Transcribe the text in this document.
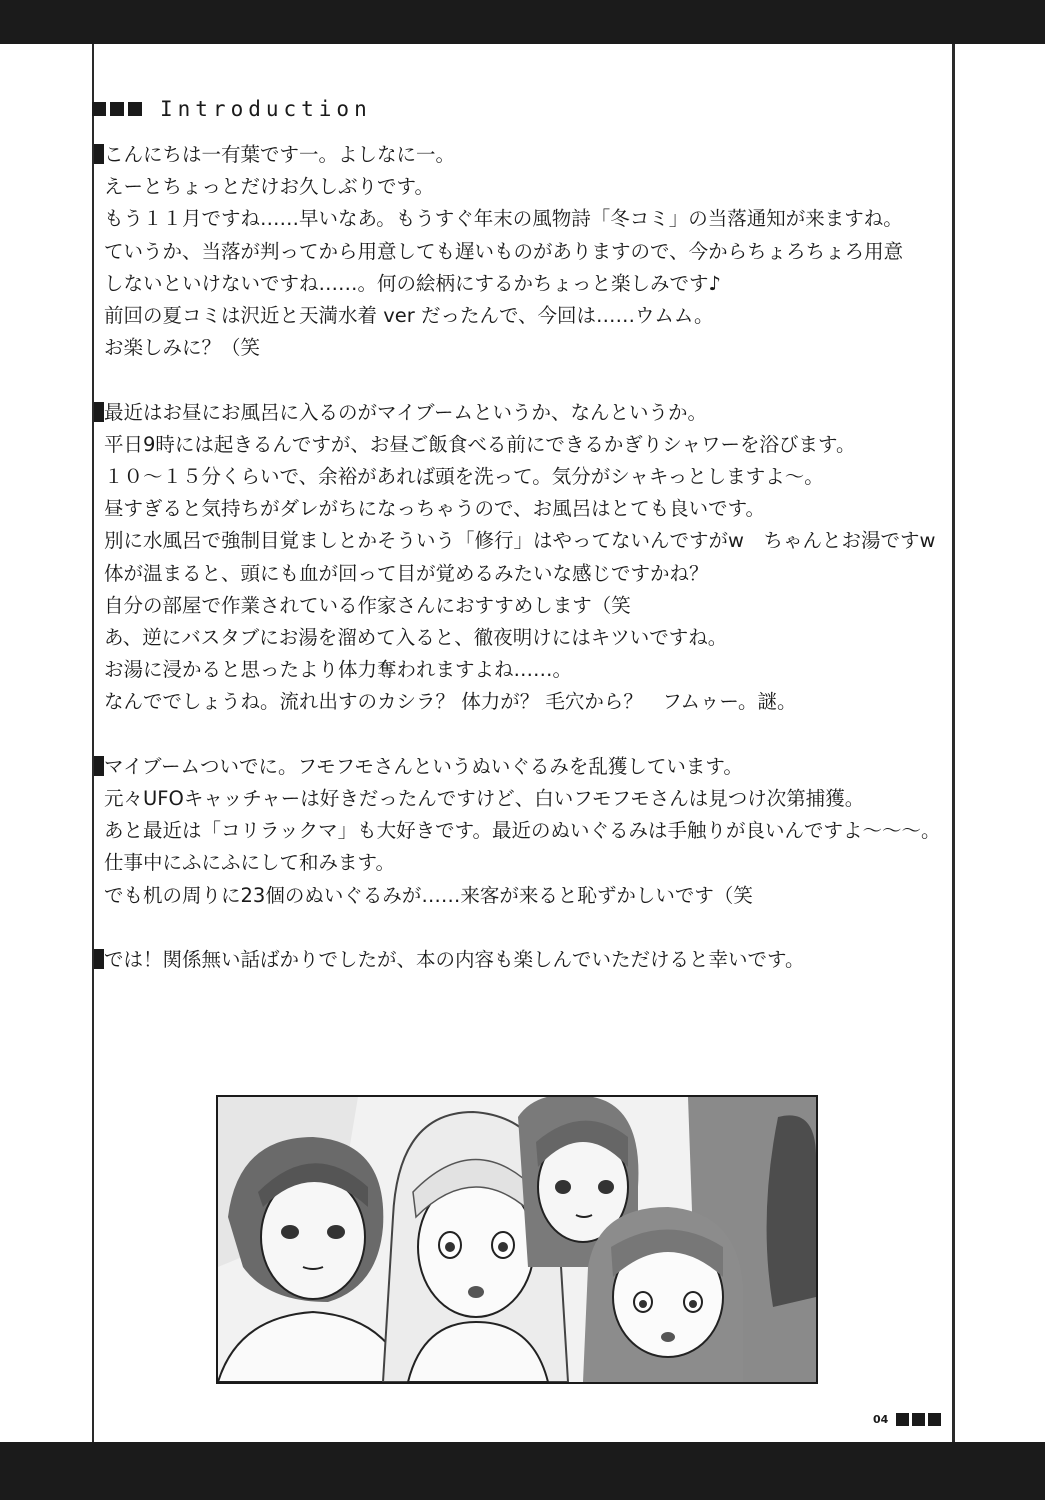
Introduction
こんにちは一有葉です一。よしなに一。
えーとちょっとだけお久しぶりです。
もう１１月ですね……早いなあ。もうすぐ年末の風物詩「冬コミ」の当落通知が来ますね。
ていうか、当落が判ってから用意しても遅いものがありますので、今からちょろちょろ用意
しないといけないですね……。何の絵柄にするかちょっと楽しみです♪
前回の夏コミは沢近と天満水着 ver だったんで、今回は……ウムム。
お楽しみに？（笑
最近はお昼にお風呂に入るのがマイブームというか、なんというか。
平日9時には起きるんですが、お昼ご飯食べる前にできるかぎりシャワーを浴びます。
１０～１５分くらいで、余裕があれば頭を洗って。気分がシャキっとしますよ～。
昼すぎると気持ちがダレがちになっちゃうので、お風呂はとても良いです。
別に水風呂で強制目覚ましとかそういう「修行」はやってないんですがw　ちゃんとお湯ですw
体が温まると、頭にも血が回って目が覚めるみたいな感じですかね？
自分の部屋で作業されている作家さんにおすすめします（笑
あ、逆にバスタブにお湯を溜めて入ると、徹夜明けにはキツいですね。
お湯に浸かると思ったより体力奪われますよね……。
なんででしょうね。流れ出すのカシラ？ 体力が？ 毛穴から？　フムゥー。謎。
マイブームついでに。フモフモさんというぬいぐるみを乱獲しています。
元々UFOキャッチャーは好きだったんですけど、白いフモフモさんは見つけ次第捕獲。
あと最近は「コリラックマ」も大好きです。最近のぬいぐるみは手触りが良いんですよ～～～。
仕事中にふにふにして和みます。
でも机の周りに23個のぬいぐるみが……来客が来ると恥ずかしいです（笑
では！関係無い話ばかりでしたが、本の内容も楽しんでいただけると幸いです。
04
